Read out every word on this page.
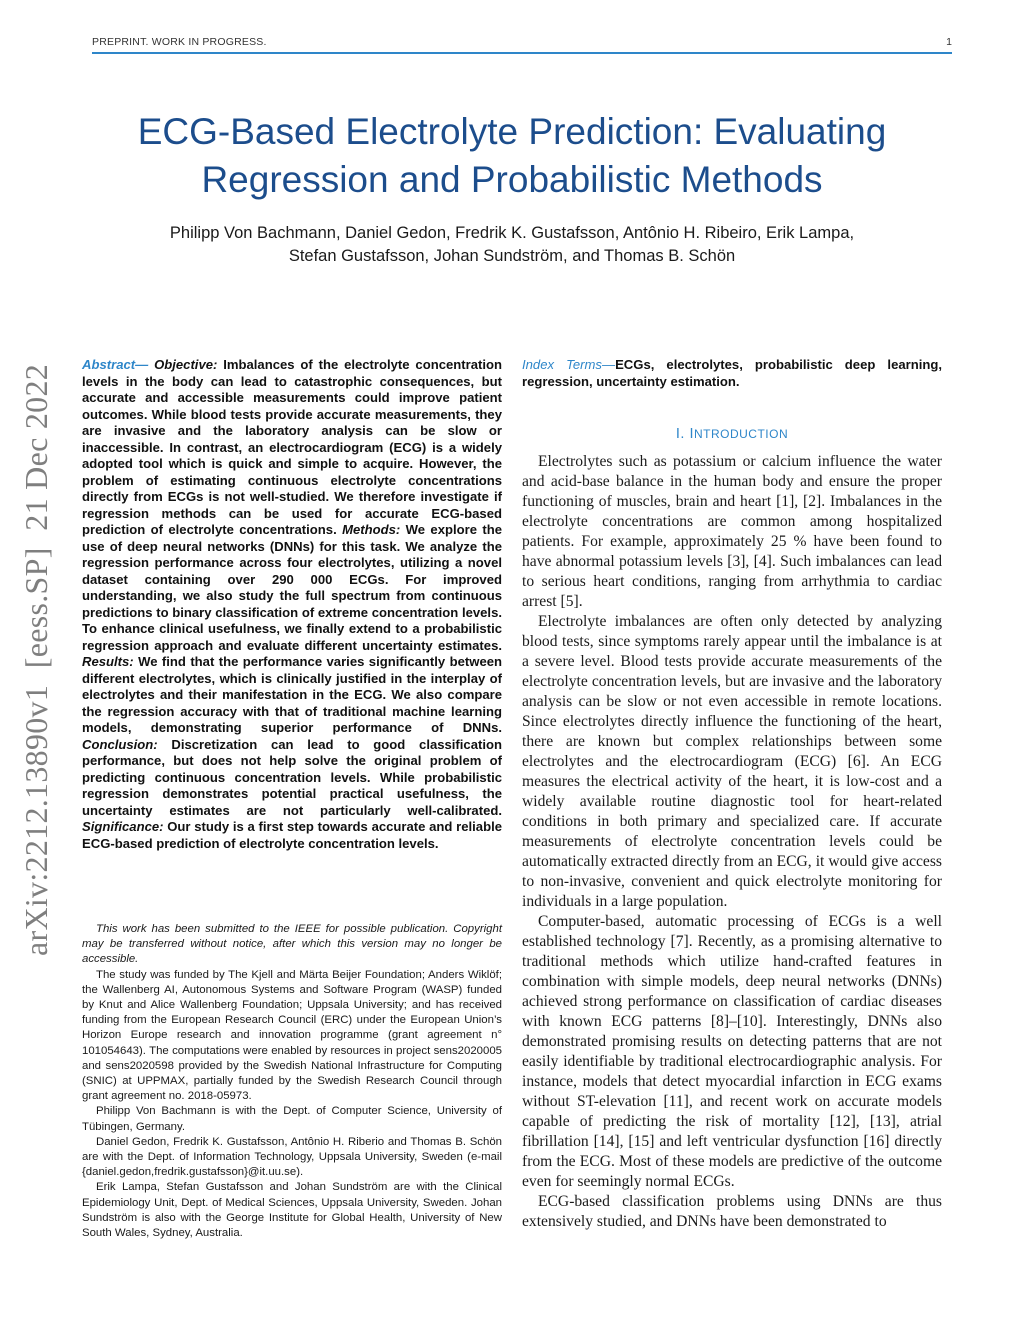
PREPRINT. WORK IN PROGRESS.	1
ECG-Based Electrolyte Prediction: Evaluating Regression and Probabilistic Methods
Philipp Von Bachmann, Daniel Gedon, Fredrik K. Gustafsson, Antônio H. Ribeiro, Erik Lampa,
Stefan Gustafsson, Johan Sundström, and Thomas B. Schön
arXiv:2212.13890v1  [eess.SP]  21 Dec 2022 Abstract— Objective: Imbalances of the electrolyte concentration levels in the body can lead to catastrophic consequences, but accurate and accessible measurements could improve patient outcomes. While blood tests provide accurate measurements, they are invasive and the laboratory analysis can be slow or inaccessible. In contrast, an electrocardiogram (ECG) is a widely adopted tool which is quick and simple to acquire. However, the problem of estimating continuous electrolyte concentrations directly from ECGs is not well-studied. We therefore investigate if regression methods can be used for accurate ECG-based prediction of electrolyte concentrations. Methods: We explore the use of deep neural networks (DNNs) for this task. We analyze the regression performance across four electrolytes, utilizing a novel dataset containing over 290 000 ECGs. For improved understanding, we also study the full spectrum from continuous predictions to binary classification of extreme concentration levels. To enhance clinical usefulness, we finally extend to a probabilistic regression approach and evaluate different uncertainty estimates. Results: We find that the performance varies significantly between different electrolytes, which is clinically justified in the interplay of electrolytes and their manifestation in the ECG. We also compare the regression accuracy with that of traditional machine learning models, demonstrating superior performance of DNNs. Conclusion: Discretization can lead to good classification performance, but does not help solve the original problem of predicting continuous concentration levels. While probabilistic regression demonstrates potential practical usefulness, the uncertainty estimates are not particularly well-calibrated. Significance: Our study is a first step towards accurate and reliable ECG-based prediction of electrolyte concentration levels.

This work has been submitted to the IEEE for possible publication. Copyright may be transferred without notice, after which this version may no longer be accessible.

The study was funded by The Kjell and Märta Beijer Foundation; Anders Wiklöf; the Wallenberg AI, Autonomous Systems and Software Program (WASP) funded by Knut and Alice Wallenberg Foundation; Uppsala University; and has received funding from the European Research Council (ERC) under the European Union’s Horizon Europe research and innovation programme (grant agreement n° 101054643). The computations were enabled by resources in project sens2020005 and sens2020598 provided by the Swedish National Infrastructure for Computing (SNIC) at UPPMAX, partially funded by the Swedish Research Council through grant agreement no. 2018-05973.

Philipp Von Bachmann is with the Dept. of Computer Science, University of Tübingen, Germany.

Daniel Gedon, Fredrik K. Gustafsson, Antônio H. Riberio and Thomas B. Schön are with the Dept. of Information Technology, Uppsala University, Sweden (e-mail {daniel.gedon,fredrik.gustafsson}@it.uu.se).

Erik Lampa, Stefan Gustafsson and Johan Sundström are with the Clinical Epidemiology Unit, Dept. of Medical Sciences, Uppsala University, Sweden. Johan Sundström is also with the George Institute for Global Health, University of New South Wales, Sydney, Australia.

Index Terms—ECGs, electrolytes, probabilistic deep learning, regression, uncertainty estimation.
I. INTRODUCTION

Electrolytes such as potassium or calcium influence the water and acid-base balance in the human body and ensure the proper functioning of muscles, brain and heart [1], [2]. Imbalances in the electrolyte concentrations are common among hospitalized patients. For example, approximately 25 % have been found to have abnormal potassium levels [3], [4]. Such imbalances can lead to serious heart conditions, ranging from arrhythmia to cardiac arrest [5].

Electrolyte imbalances are often only detected by analyzing blood tests, since symptoms rarely appear until the imbalance is at a severe level. Blood tests provide accurate measurements of the electrolyte concentration levels, but are invasive and the laboratory analysis can be slow or not even accessible in remote locations. Since electrolytes directly influence the functioning of the heart, there are known but complex relationships between some electrolytes and the electrocardiogram (ECG) [6]. An ECG measures the electrical activity of the heart, it is low-cost and a widely available routine diagnostic tool for heart-related conditions in both primary and specialized care. If accurate measurements of electrolyte concentration levels could be automatically extracted directly from an ECG, it would give access to non-invasive, convenient and quick electrolyte monitoring for individuals in a large population.

Computer-based, automatic processing of ECGs is a well established technology [7]. Recently, as a promising alternative to traditional methods which utilize hand-crafted features in combination with simple models, deep neural networks (DNNs) achieved strong performance on classification of cardiac diseases with known ECG patterns [8]–[10]. Interestingly, DNNs also demonstrated promising results on detecting patterns that are not easily identifiable by traditional electrocardiographic analysis. For instance, models that detect myocardial infarction in ECG exams without ST-elevation [11], and recent work on accurate models capable of predicting the risk of mortality [12], [13], atrial fibrillation [14], [15] and left ventricular dysfunction [16] directly from the ECG. Most of these models are predictive of the outcome even for seemingly normal ECGs.

ECG-based classification problems using DNNs are thus extensively studied, and DNNs have been demonstrated to
